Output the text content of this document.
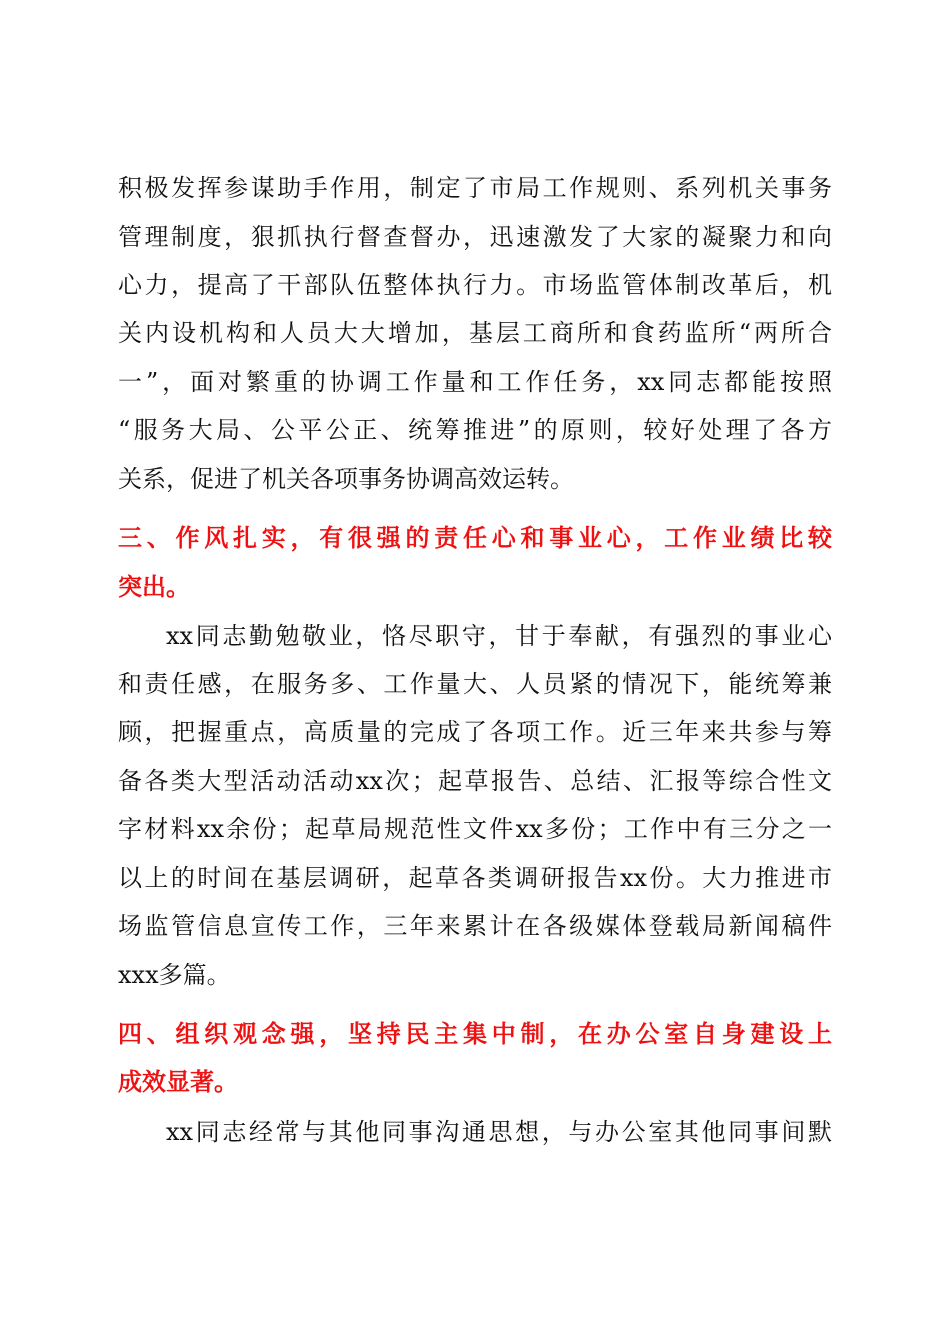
积极发挥参谋助手作用，制定了市局工作规则、系列机关事务
管理制度，狠抓执行督查督办，迅速激发了大家的凝聚力和向
心力，提高了干部队伍整体执行力。市场监管体制改革后，机
关内设机构和人员大大增加，基层工商所和食药监所“两所合
一”，面对繁重的协调工作量和工作任务，xx同志都能按照
“服务大局、公平公正、统筹推进”的原则，较好处理了各方
关系，促进了机关各项事务协调高效运转。
三、作风扎实，有很强的责任心和事业心，工作业绩比较
突出。
xx同志勤勉敬业，恪尽职守，甘于奉献，有强烈的事业心
和责任感，在服务多、工作量大、人员紧的情况下，能统筹兼
顾，把握重点，高质量的完成了各项工作。近三年来共参与筹
备各类大型活动活动xx次；起草报告、总结、汇报等综合性文
字材料xx余份；起草局规范性文件xx多份；工作中有三分之一
以上的时间在基层调研，起草各类调研报告xx份。大力推进市
场监管信息宣传工作，三年来累计在各级媒体登载局新闻稿件
xxx多篇。
四、组织观念强，坚持民主集中制，在办公室自身建设上
成效显著。
xx同志经常与其他同事沟通思想，与办公室其他同事间默
